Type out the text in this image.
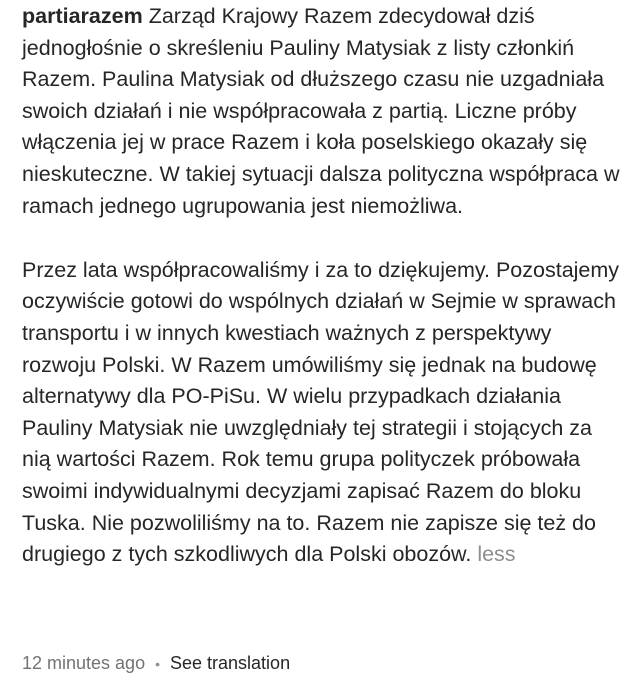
partiarazem Zarząd Krajowy Razem zdecydował dziś jednogłośnie o skreśleniu Pauliny Matysiak z listy członkiń Razem. Paulina Matysiak od dłuższego czasu nie uzgadniała swoich działań i nie współpracowała z partią. Liczne próby włączenia jej w prace Razem i koła poselskiego okazały się nieskuteczne. W takiej sytuacji dalsza polityczna współpraca w ramach jednego ugrupowania jest niemożliwa.

Przez lata współpracowaliśmy i za to dziękujemy. Pozostajemy oczywiście gotowi do wspólnych działań w Sejmie w sprawach transportu i w innych kwestiach ważnych z perspektywy rozwoju Polski. W Razem umówiliśmy się jednak na budowę alternatywy dla PO-PiSu. W wielu przypadkach działania Pauliny Matysiak nie uwzględniały tej strategii i stojących za nią wartości Razem. Rok temu grupa polityczek próbowała swoimi indywidualnymi decyzjami zapisać Razem do bloku Tuska. Nie pozwoliliśmy na to. Razem nie zapisze się też do drugiego z tych szkodliwych dla Polski obozów. less

12 minutes ago • See translation
